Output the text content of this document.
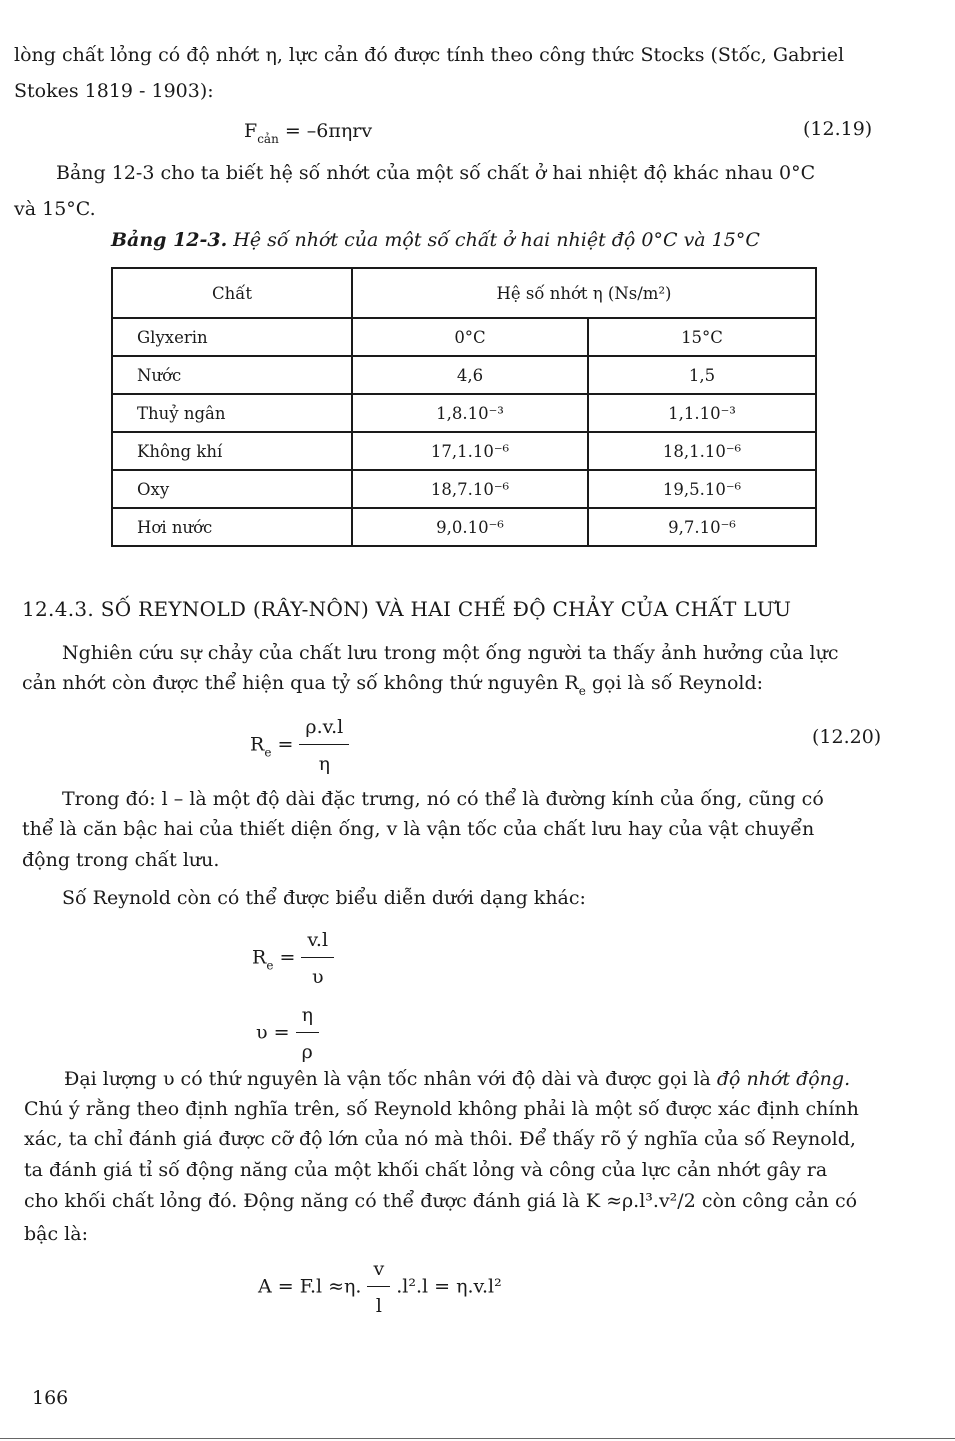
lòng chất lỏng có độ nhớt η, lực cản đó được tính theo công thức Stocks (Stốc, Gabriel
Stokes 1819 - 1903):
$F_{cản} = -6\pi\eta rv$	(12.19)
Bảng 12-3 cho ta biết hệ số nhớt của một số chất ở hai nhiệt độ khác nhau 0°C
và 15°C.
Bảng 12-3. Hệ số nhớt của một số chất ở hai nhiệt độ 0°C và 15°C
Chất	Hệ số nhớt η (Ns/m²)	
Glyxerin	0°C	15°C
Nước	4,6	1,5
Thuỷ ngân	1,8.10⁻³	1,1.10⁻³
Không khí	17,1.10⁻⁶	18,1.10⁻⁶
Oxy	18,7.10⁻⁶	19,5.10⁻⁶
Hơi nước	9,0.10⁻⁶	9,7.10⁻⁶
12.4.3. SỐ REYNOLD (RÂY-NÔN) VÀ HAI CHẾ ĐỘ CHẢY CỦA CHẤT LƯU
Nghiên cứu sự chảy của chất lưu trong một ống người ta thấy ảnh hưởng của lực
cản nhớt còn được thể hiện qua tỷ số không thứ nguyên $R_e$ gọi là số Reynold:
$R_e = \frac{\rho.v.l}{\eta}$	(12.20)
Trong đó: l – là một độ dài đặc trưng, nó có thể là đường kính của ống, cũng có
thể là căn bậc hai của thiết diện ống, v là vận tốc của chất lưu hay của vật chuyển
động trong chất lưu.
Số Reynold còn có thể được biểu diễn dưới dạng khác:
$R_e = \frac{v.l}{\upsilon}$
$\upsilon = \frac{\eta}{\rho}$
Đại lượng υ có thứ nguyên là vận tốc nhân với độ dài và được gọi là độ nhớt động.
Chú ý rằng theo định nghĩa trên, số Reynold không phải là một số được xác định chính
xác, ta chỉ đánh giá được cỡ độ lớn của nó mà thôi. Để thấy rõ ý nghĩa của số Reynold,
ta đánh giá tỉ số động năng của một khối chất lỏng và công của lực cản nhớt gây ra
cho khối chất lỏng đó. Động năng có thể được đánh giá là K ≈ρ.l³.v²/2 còn công cản có
bậc là:
A = F.l ≈η. $\frac{v}{l} .l^2.l = \eta.v.l^2$
166
